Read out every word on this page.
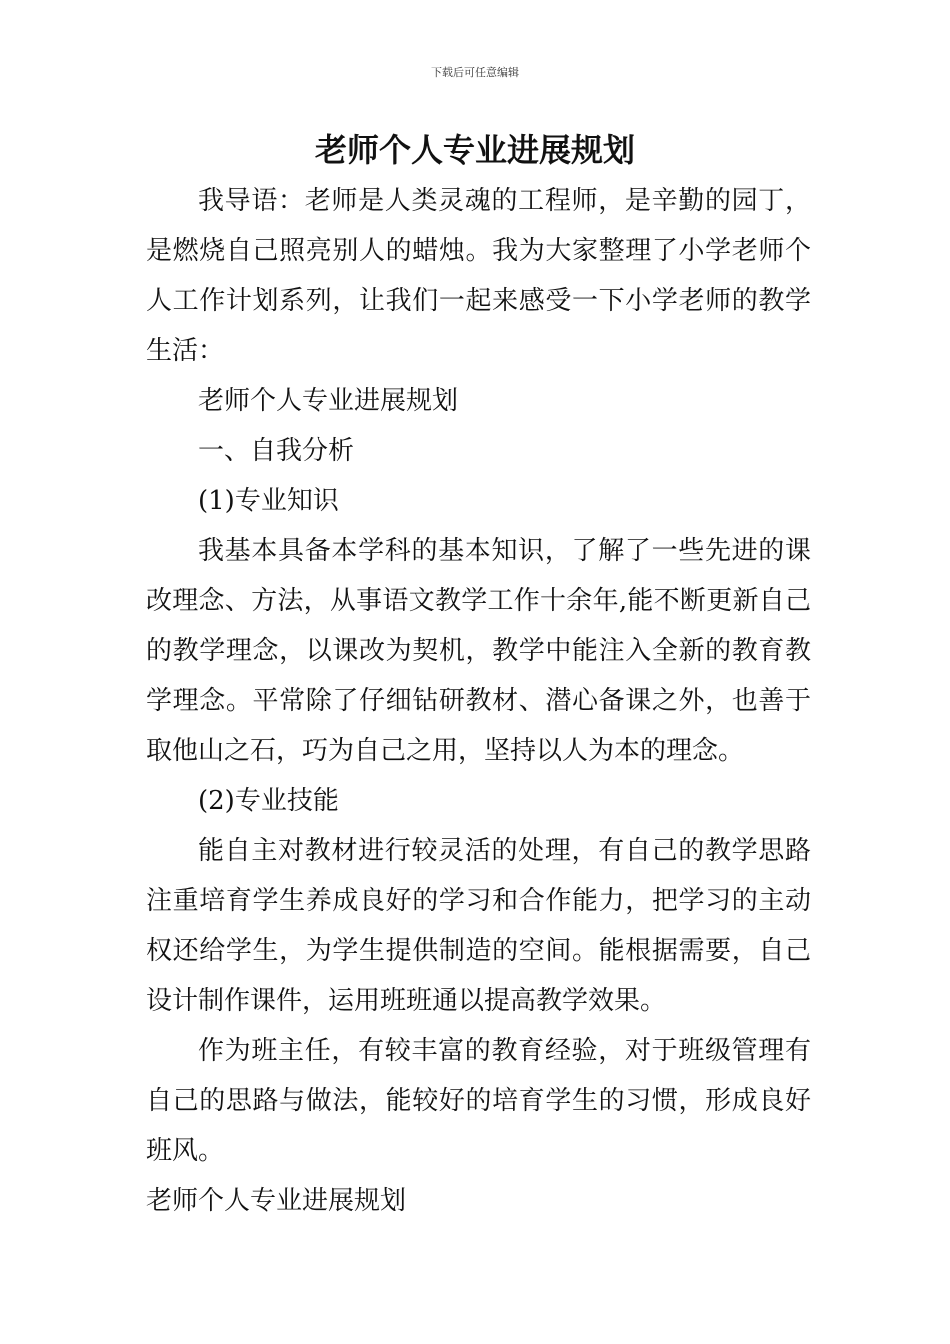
下载后可任意编辑
老师个人专业进展规划

我导语：老师是人类灵魂的工程师，是辛勤的园丁，是燃烧自己照亮别人的蜡烛。我为大家整理了小学老师个人工作计划系列，让我们一起来感受一下小学老师的教学生活：

老师个人专业进展规划

一、自我分析

(1)专业知识

我基本具备本学科的基本知识，了解了一些先进的课改理念、方法，从事语文教学工作十余年,能不断更新自己的教学理念，以课改为契机，教学中能注入全新的教育教学理念。平常除了仔细钻研教材、潜心备课之外，也善于取他山之石，巧为自己之用，坚持以人为本的理念。

(2)专业技能

能自主对教材进行较灵活的处理，有自己的教学思路注重培育学生养成良好的学习和合作能力，把学习的主动权还给学生，为学生提供制造的空间。能根据需要，自己设计制作课件，运用班班通以提高教学效果。

作为班主任，有较丰富的教育经验，对于班级管理有自己的思路与做法，能较好的培育学生的习惯，形成良好班风。

老师个人专业进展规划
